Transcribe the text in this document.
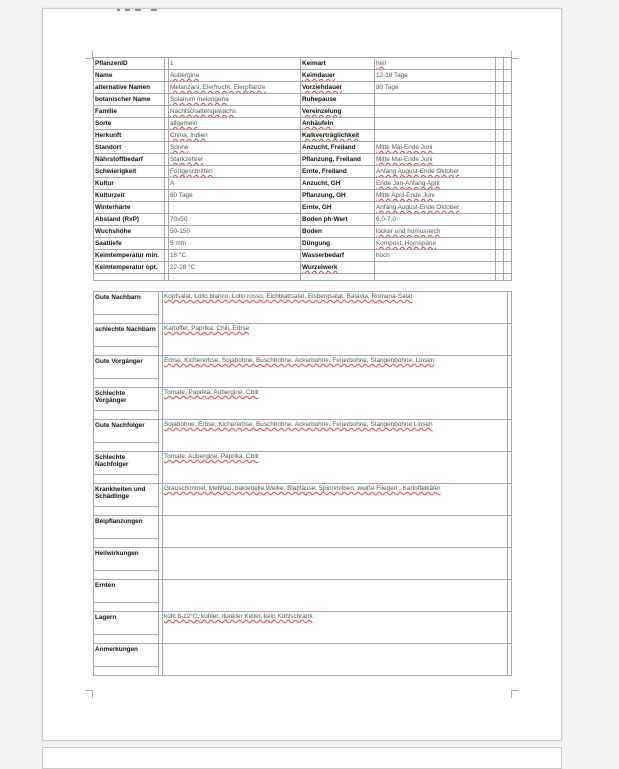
PflanzenID		1	Keimart	hell		
Name		Aubergine	Keimdauer	12-18 Tage		
alternative Namen		Melanzani, Eierfrucht, Eierpflanze	Vorziehdauer	80 Tage		
botanischer Name		Solanum melongena	Ruhepause			
Familie		Nachtschattengewächs	Vereinzelung			
Sorte		allgemein	Anhäufeln			
Herkunft		China, Indien	Kalkverträglichkeit			
Standort		Sonne	Anzucht, Freiland	Mitte Mai-Ende Juni		
Nährstoffbedarf		Starkzehrer	Pflanzung, Freiland	Mitte Mai-Ende Juni		
Schwierigkeit		Fortgeschritten	Ernte, Freiland	Anfang August-Ende Oktober		
Kultur		A	Anzucht, GH	Ende Jan-Anfang April		
Kulturzeit		80 Tage	Pflanzung, GH	Mitte April-Ende Juni		
Winterhärte			Ernte, GH	Anfang August-Ende Oktober		
Abstand (RxP)		70x50	Boden ph-Wert	6,0-7,0		
Wuchshöhe		50-150	Boden	locker und humusreich		
Saattiefe		5 mm	Düngung	Kompost, Hornspäne		
Keimtemperatur min.		18 °C	Wasserbedarf	hoch		
Keimtemperatur opt.		22-28 °C	Wurzelwerk			

Gute Nachbarn		Kopfsalat, Lollo bianco, Lollo rosso, Eichblattsalat, Eisbergsalat, Batavia, Romana-Salat	

schlechte Nachbarn		Kartoffel, Paprika, Chili, Erbse	

Gute Vorgänger		Erbse, Kichererbse, Sojabohne, Buschbohne, Ackerbohne, Feuerbohne, Stangenbohne, Linsen	

Schlechte Vorgänger		Tomate, Paprika, Aubergine, Chili	

Gute Nachfolger		Sojabohne, Erbse, Kichererbse, Buschbohne, Ackerbohne, Feuerbohne, Stangenbohne Linsen	

Schlechte Nachfolger		Tomate, Aubergine, Paprika, Chili	

Krankheiten und Schädlinge		Grauschimmel, Mehltau, bakterielle Welke, Blattläuse, Spinnmilben, weiße Fliegen , Kartoffelkäfer	

Beipflanzungen			

Heilwirkungen			

Ernten			

Lagern		kühl 8-12°C, kühler, dunkler Keller, kein Kühlschrank	

Anmerkungen			
